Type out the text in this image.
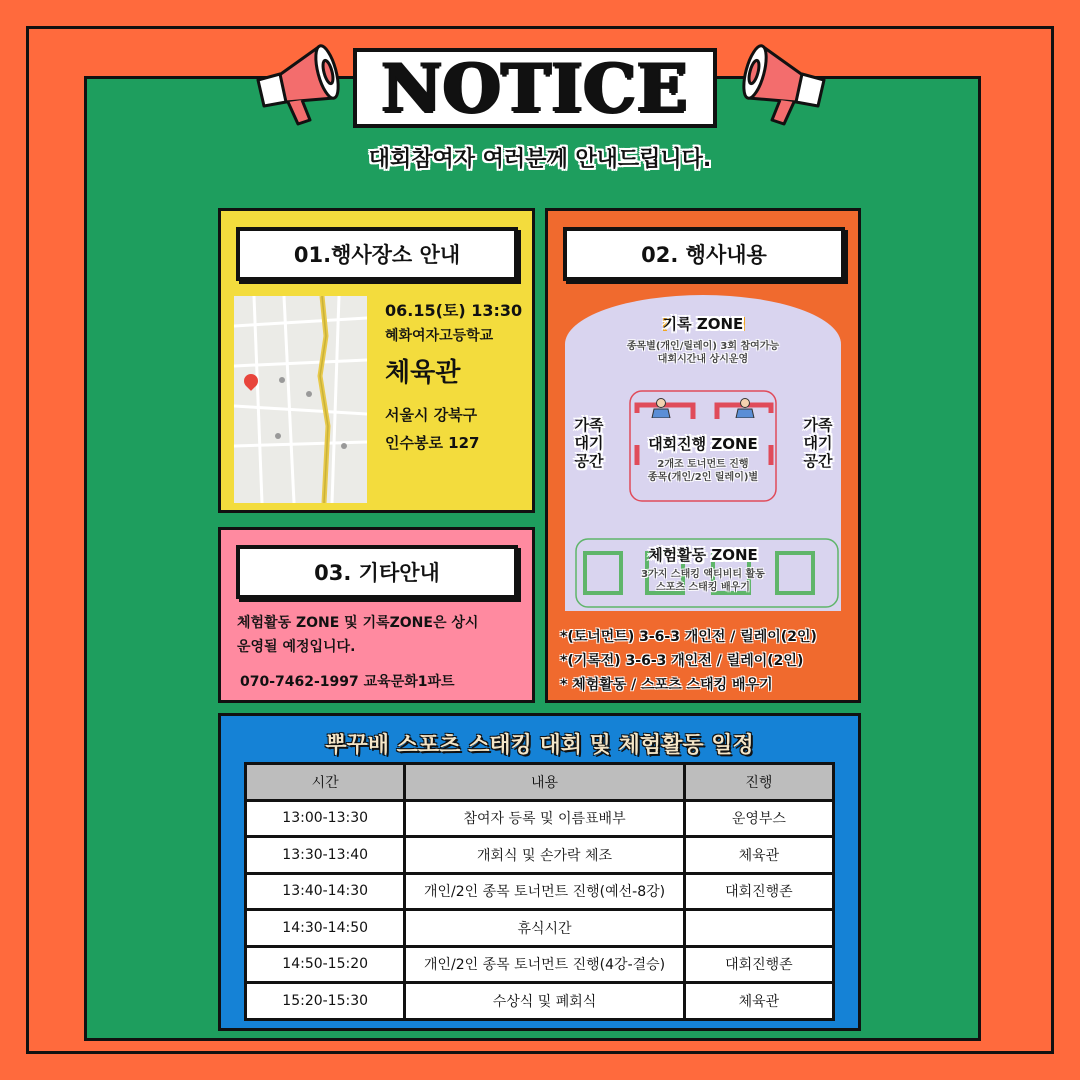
NOTICE
대회참여자 여러분께 안내드립니다.
01.행사장소 안내
06.15(토) 13:30
혜화여자고등학교
체육관
서울시 강북구
인수봉로 127
03. 기타안내
체험활동 ZONE 및 기록ZONE은 상시
운영될 예정입니다.
070-7462-1997 교육문화1파트
02. 행사내용
기록 ZONE
종목별(개인/릴레이) 3회 참여가능
대회시간내 상시운영
가족
대기
공간
가족
대기
공간
대회진행 ZONE
2개조 토너먼트 진행
종목(개인/2인 릴레이)별
체험활동 ZONE
3가지 스태킹 액티비티 활동
스포츠 스태킹 배우기
*(토너먼트) 3-6-3 개인전 / 릴레이(2인)
*(기록전) 3-6-3 개인전 / 릴레이(2인)
* 체험활동 / 스포츠 스태킹 배우기
뿌꾸배 스포츠 스태킹 대회 및 체험활동 일정
시간	내용	진행
13:00-13:30	참여자 등록 및 이름표배부	운영부스
13:30-13:40	개회식 및 손가락 체조	체육관
13:40-14:30	개인/2인 종목 토너먼트 진행(예선-8강)	대회진행존
14:30-14:50	휴식시간	
14:50-15:20	개인/2인 종목 토너먼트 진행(4강-결승)	대회진행존
15:20-15:30	수상식 및 폐회식	체육관
